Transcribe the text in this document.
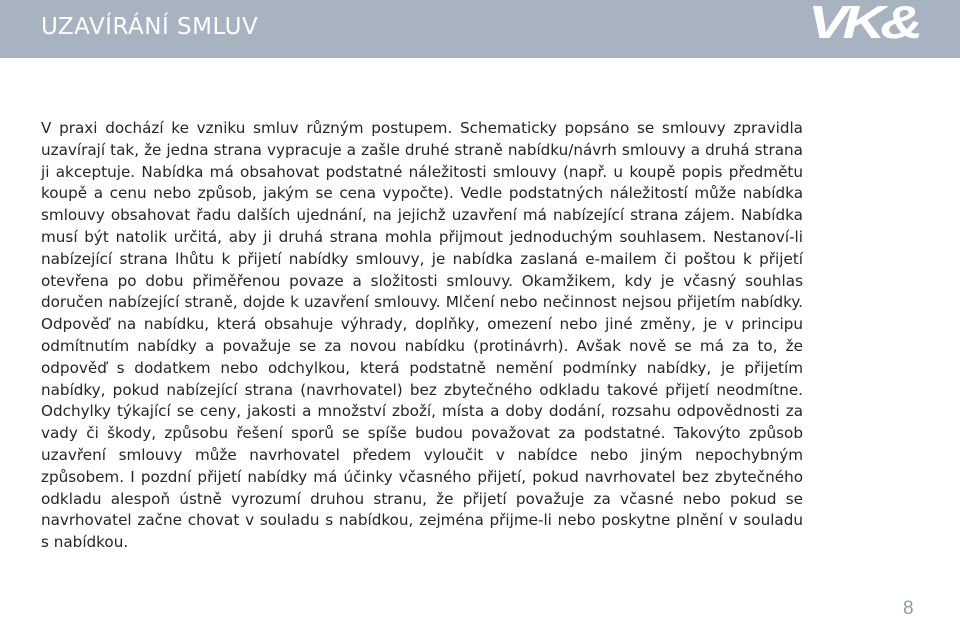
UZAVÍRÁNÍ SMLUV	VK&

V praxi dochází ke vzniku smluv různým postupem. Schematicky popsáno se smlouvy zpravidla uzavírají tak, že jedna strana vypracuje a zašle druhé straně nabídku/návrh smlouvy a druhá strana ji akceptuje. Nabídka má obsahovat podstatné náležitosti smlouvy (např. u koupě popis předmětu koupě a cenu nebo způsob, jakým se cena vypočte). Vedle podstatných náležitostí může nabídka smlouvy obsahovat řadu dalších ujednání, na jejichž uzavření má nabízející strana zájem. Nabídka musí být natolik určitá, aby ji druhá strana mohla přijmout jednoduchým souhlasem. Nestanoví-li nabízející strana lhůtu k přijetí nabídky smlouvy, je nabídka zaslaná e-mailem či poštou k přijetí otevřena po dobu přiměřenou povaze a složitosti smlouvy. Okamžikem, kdy je včasný souhlas doručen nabízející straně, dojde k uzavření smlouvy. Mlčení nebo nečinnost nejsou přijetím nabídky. Odpověď na nabídku, která obsahuje výhrady, doplňky, omezení nebo jiné změny, je v principu odmítnutím nabídky a považuje se za novou nabídku (protinávrh). Avšak nově se má za to, že odpověď s dodatkem nebo odchylkou, která podstatně nemění podmínky nabídky, je přijetím nabídky, pokud nabízející strana (navrhovatel) bez zbytečného odkladu takové přijetí neodmítne. Odchylky týkající se ceny, jakosti a množství zboží, místa a doby dodání, rozsahu odpovědnosti za vady či škody, způsobu řešení sporů se spíše budou považovat za podstatné. Takovýto způsob uzavření smlouvy může navrhovatel předem vyloučit v nabídce nebo jiným nepochybným způsobem. I pozdní přijetí nabídky má účinky včasného přijetí, pokud navrhovatel bez zbytečného odkladu alespoň ústně vyrozumí druhou stranu, že přijetí považuje za včasné nebo pokud se navrhovatel začne chovat v souladu s nabídkou, zejména přijme-li nebo poskytne plnění v souladu s nabídkou.

8
